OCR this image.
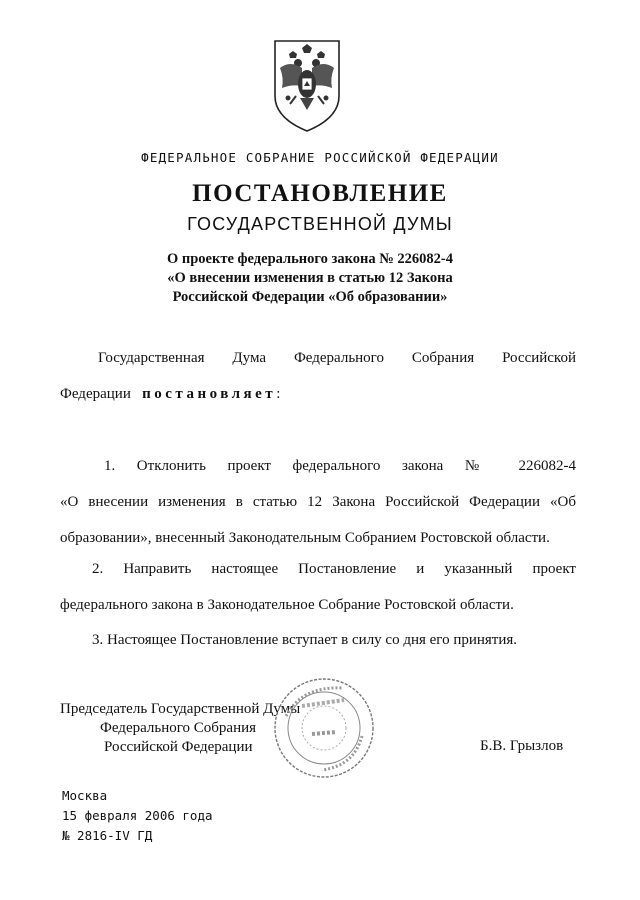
ФЕДЕРАЛЬНОЕ СОБРАНИЕ РОССИЙСКОЙ ФЕДЕРАЦИИ
ПОСТАНОВЛЕНИЕ
ГОСУДАРСТВЕННОЙ ДУМЫ
О проекте федерального закона № 226082-4
«О внесении изменения в статью 12 Закона
Российской Федерации «Об образовании»
Государственная Дума Федерального Собрания Российской
Федерации постановляет:
1. Отклонить проект федерального закона № 226082-4
«О внесении изменения в статью 12 Закона Российской Федерации «Об
образовании», внесенный Законодательным Собранием Ростовской области.
2. Направить настоящее Постановление и указанный проект
федерального закона в Законодательное Собрание Ростовской области.
3. Настоящее Постановление вступает в силу со дня его принятия.
Председатель Государственной Думы
Федерального Собрания
Российской Федерации	Б.В. Грызлов
Москва
15 февраля 2006 года
№ 2816-IV ГД
